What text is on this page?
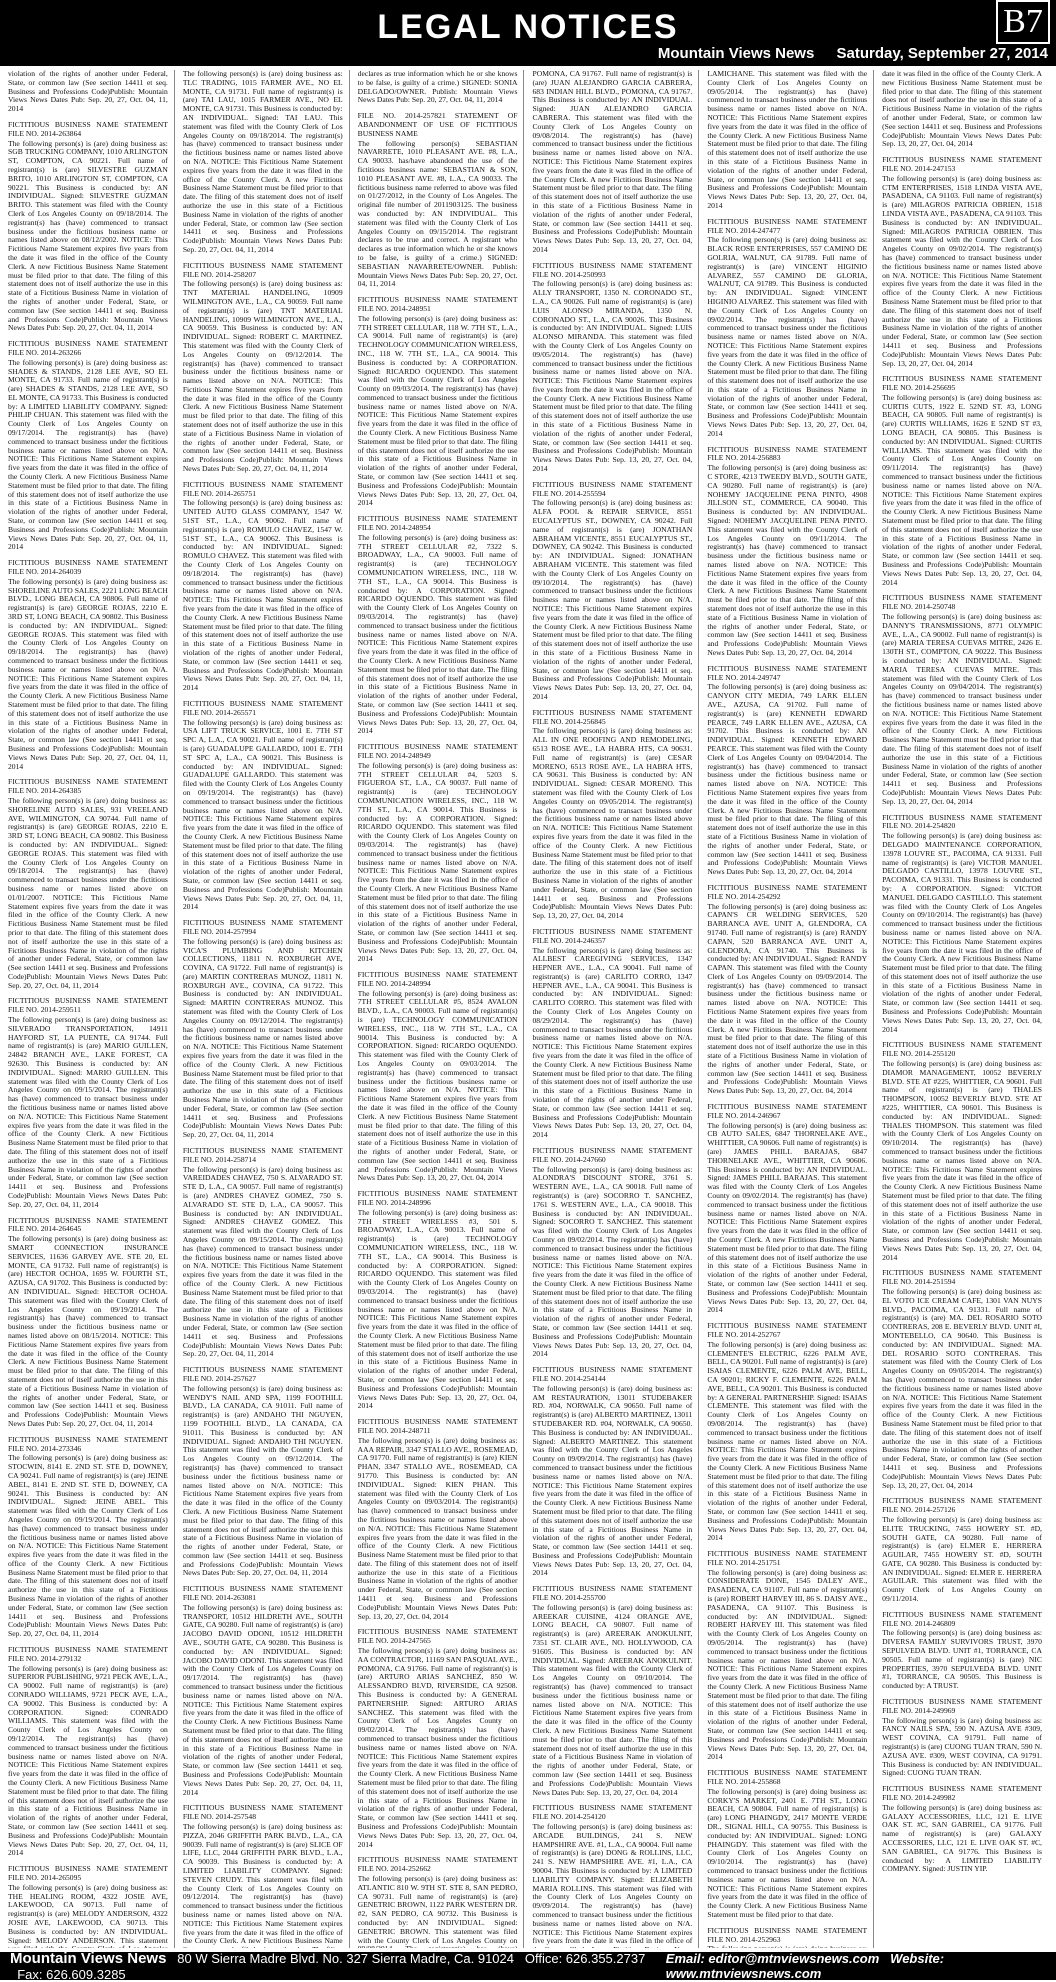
LEGAL NOTICES	B7
Mountain Views News Saturday, September 27, 2014
violation of the rights of another under Federal, State, or common law (See section 14411 et seq. Business and Professions Code)Publish: Mountain Views News Dates Pub: Sep. 20, 27, Oct. 04, 11, 2014
FICTITIOUS BUSINESS NAME STATEMENT FILE NO. 2014-263864
The following person(s) is (are) doing business as: SGB TRUCKING COMPANY, 1010 ARLINGTON ST, COMPTON, CA 90221. Full name of registrant(s) is (are) SILVESTRE GUZMAN BRITO, 1010 ARLINGTON ST, COMPTON, CA 90221. This Business is conducted by: AN INDIVIDUAL. Signed: SILVESTRE GUZMAN BRITO. This statement was filed with the County Clerk of Los Angeles County on 09/18/2014. The registrant(s) has (have) commenced to transact business under the fictitious business name or names listed above on 08/12/2002. NOTICE: This Fictitious Name Statement expires five years from the date it was filed in the office of the County Clerk. A new Fictitious Business Name Statement must be filed prior to that date. The filing of this statement does not of itself authorize the use in this state of a Fictitious Business Name in violation of the rights of another under Federal, State, or common law (See section 14411 et seq. Business and Professions Code)Publish: Mountain Views News Dates Pub: Sep. 20, 27, Oct. 04, 11, 2014
FICTITIOUS BUSINESS NAME STATEMENT FILE NO. 2014-263266
The following person(s) is (are) doing business as: SHADES & STANDS, 2128 LEE AVE, SO EL MONTE, CA 91733. Full name of registrant(s) is (are) SHADES & STANDS, 2128 LEE AVE, SO EL MONTE, CA 91733. This Business is conducted by: A LIMITED LIABILITY COMPANY. Signed: PHILIP CHUAN. This statement was filed with the County Clerk of Los Angeles County on 09/17/2014. The registrant(s) has (have) commenced to transact business under the fictitious business name or names listed above on N/A. NOTICE: This Fictitious Name Statement expires five years from the date it was filed in the office of the County Clerk. A new Fictitious Business Name Statement must be filed prior to that date. The filing of this statement does not of itself authorize the use in this state of a Fictitious Business Name in violation of the rights of another under Federal, State, or common law (See section 14411 et seq. Business and Professions Code)Publish: Mountain Views News Dates Pub: Sep. 20, 27, Oct. 04, 11, 2014
FICTITIOUS BUSINESS NAME STATEMENT FILE NO. 2014-264039
The following person(s) is (are) doing business as: SHORELINE AUTO SALES, 2221 LONG BEACH BLVD., LONG BEACH, CA 90806. Full name of registrant(s) is (are) GEORGE ROJAS, 2210 E. 3RD ST, LONG BEACH, CA 90802. This Business is conducted by: AN INDIVIDUAL. Signed: GEORGE ROJAS. This statement was filed with the County Clerk of Los Angeles County on 09/18/2014. The registrant(s) has (have) commenced to transact business under the fictitious business name or names listed above on N/A. NOTICE: This Fictitious Name Statement expires five years from the date it was filed in the office of the County Clerk. A new Fictitious Business Name Statement must be filed prior to that date. The filing of this statement does not of itself authorize the use in this state of a Fictitious Business Name in violation of the rights of another under Federal, State, or common law (See section 14411 et seq. Business and Professions Code)Publish: Mountain Views News Dates Pub: Sep. 20, 27, Oct. 04, 11, 2014
FICTITIOUS BUSINESS NAME STATEMENT FILE NO. 2014-264385
The following person(s) is (are) doing business as: SHORELINE AUTO SALES, 931 VREELAND AVE, WILMINGTON, CA 90744. Full name of registrant(s) is (are) GEORGE ROJAS, 2210 E. 3RD ST, LONG BEACH, CA 90802. This Business is conducted by: AN INDIVIDUAL. Signed: GEORGE ROJAS. This statement was filed with the County Clerk of Los Angeles County on 09/18/2014. The registrant(s) has (have) commenced to transact business under the fictitious business name or names listed above on 01/01/2007. NOTICE: This Fictitious Name Statement expires five years from the date it was filed in the office of the County Clerk. A new Fictitious Business Name Statement must be filed prior to that date. The filing of this statement does not of itself authorize the use in this state of a Fictitious Business Name in violation of the rights of another under Federal, State, or common law (See section 14411 et seq. Business and Professions Code)Publish: Mountain Views News Dates Pub: Sep. 20, 27, Oct. 04, 11, 2014
FICTITIOUS BUSINESS NAME STATEMENT FILE NO. 2014-259511
The following person(s) is (are) doing business as: SILVERADO TRANSPORTATION, 14911 HAYFORD ST, LA PUENTE, CA 91744. Full name of registrant(s) is (are) MARIO GUILLEN, 24842 BRANCH AVE., LAKE FOREST, CA 92630. This Business is conducted by: AN INDIVIDUAL. Signed: MARIO GUILLEN. This statement was filed with the County Clerk of Los Angeles County on 09/15/2014. The registrant(s) has (have) commenced to transact business under the fictitious business name or names listed above on N/A. NOTICE: This Fictitious Name Statement expires five years from the date it was filed in the office of the County Clerk. A new Fictitious Business Name Statement must be filed prior to that date. The filing of this statement does not of itself authorize the use in this state of a Fictitious Business Name in violation of the rights of another under Federal, State, or common law (See section 14411 et seq. Business and Professions Code)Publish: Mountain Views News Dates Pub: Sep. 20, 27, Oct. 04, 11, 2014
FICTITIOUS BUSINESS NAME STATEMENT FILE NO. 2014-264645
The following person(s) is (are) doing business as: SMART CONNECTION INSURANCE SERVICES, 11636 GARVEY AVE. STE 20, EL MONTE, CA 91732. Full name of registrant(s) is (are) HECTOR OCHOA, 1695 W. FOURTH ST., AZUSA, CA 91702. This Business is conducted by: AN INDIVIDUAL. Signed: HECTOR OCHOA. This statement was filed with the County Clerk of Los Angeles County on 09/19/2014. The registrant(s) has (have) commenced to transact business under the fictitious business name or names listed above on 08/15/2014. NOTICE: This Fictitious Name Statement expires five years from the date it was filed in the office of the County Clerk. A new Fictitious Business Name Statement must be filed prior to that date. The filing of this statement does not of itself authorize the use in this state of a Fictitious Business Name in violation of the rights of another under Federal, State, or common law (See section 14411 et seq. Business and Professions Code)Publish: Mountain Views News Dates Pub: Sep. 20, 27, Oct. 04, 11, 2014
FICTITIOUS BUSINESS NAME STATEMENT FILE NO. 2014-273346
The following person(s) is (are) doing business as: STOCWIN, 8141 E. 2ND ST. STE D, DOWNEY, CA 90241. Full name of registrant(s) is (are) JEINE ABEL, 8141 E. 2ND ST. STE D, DOWNEY, CA 90241. This Business is conducted by: AN INDIVIDUAL. Signed: JEINE ABEL. This statement was filed with the County Clerk of Los Angeles County on 09/19/2014. The registrant(s) has (have) commenced to transact business under the fictitious business name or names listed above on N/A. NOTICE: This Fictitious Name Statement expires five years from the date it was filed in the office of the County Clerk. A new Fictitious Business Name Statement must be filed prior to that date. The filing of this statement does not of itself authorize the use in this state of a Fictitious Business Name in violation of the rights of another under Federal, State, or common law (See section 14411 et seq. Business and Professions Code)Publish: Mountain Views News Dates Pub: Sep. 20, 27, Oct. 04, 11, 2014
FICTITIOUS BUSINESS NAME STATEMENT FILE NO. 2014-279132
The following person(s) is (are) doing business as: SUPERIOR PUBLISHING, 9721 PECK AVE, L.A., CA 90002. Full name of registrant(s) is (are) CONRADO WILLIAMS, 9721 PECK AVE, L.A., CA 90002. This Business is conducted by: A CORPORATION. Signed: CONRADO WILLIAMS. This statement was filed with the County Clerk of Los Angeles County on 09/12/2014. The registrant(s) has (have) commenced to transact business under the fictitious business name or names listed above on N/A. NOTICE: This Fictitious Name Statement expires five years from the date it was filed in the office of the County Clerk. A new Fictitious Business Name Statement must be filed prior to that date. The filing of this statement does not of itself authorize the use in this state of a Fictitious Business Name in violation of the rights of another under Federal, State, or common law (See section 14411 et seq. Business and Professions Code)Publish: Mountain Views News Dates Pub: Sep. 20, 27, Oct. 04, 11, 2014
FICTITIOUS BUSINESS NAME STATEMENT FILE NO. 2014-265095
The following person(s) is (are) doing business as: THE HEALING ROOM, 4322 JOSIE AVE, LAKEWOOD, CA 90713. Full name of registrant(s) is (are) MELODY ANDERSON, 4322 JOSIE AVE, LAKEWOOD, CA 90713. This Business is conducted by: AN INDIVIDUAL. Signed: MELODY ANDERSON. This statement
The following person(s) is (are) doing business as: TLC TRADING, 1015 FARMER AVE., NO EL MONTE, CA 91731. Full name of registrant(s) is (are) TAI LAU, 1015 FARMER AVE., NO EL MONTE, CA 91731. This Business is conducted by: AN INDIVIDUAL. Signed: TAI LAU. This statement was filed with the County Clerk of Los Angeles County on 09/18/2014. The registrant(s) has (have) commenced to transact business under the fictitious business name or names listed above on N/A. NOTICE: This Fictitious Name Statement expires five years from the date it was filed in the office of the County Clerk. A new Fictitious Business Name Statement must be filed prior to that date. The filing of this statement does not of itself authorize the use in this state of a Fictitious Business Name in violation of the rights of another under Federal, State, or common law (See section 14411 et seq. Business and Professions Code)Publish: Mountain Views News Dates Pub: Sep. 20, 27, Oct. 04, 11, 2014
FICTITIOUS BUSINESS NAME STATEMENT FILE NO. 2014-258207
The following person(s) is (are) doing business as: TNT MATERIAL HANDELING, 10909 WILMINGTON AVE., L.A., CA 90059. Full name of registrant(s) is (are) TNT MATERIAL HANDELING, 10909 WILMINGTON AVE., L.A., CA 90059. This Business is conducted by: AN INDIVIDUAL. Signed: ROBERT C. MARTINEZ. This statement was filed with the County Clerk of Los Angeles County on 09/12/2014. The registrant(s) has (have) commenced to transact business under the fictitious business name or names listed above on N/A. NOTICE: This Fictitious Name Statement expires five years from the date it was filed in the office of the County Clerk. A new Fictitious Business Name Statement must be filed prior to that date. The filing of this statement does not of itself authorize the use in this state of a Fictitious Business Name in violation of the rights of another under Federal, State, or common law (See section 14411 et seq. Business and Professions Code)Publish: Mountain Views News Dates Pub: Sep. 20, 27, Oct. 04, 11, 2014
FICTITIOUS BUSINESS NAME STATEMENT FILE NO. 2014-265751
The following person(s) is (are) doing business as: UNITED AUTO GLASS COMPANY, 1547 W. 51ST ST., L.A., CA 90062. Full name of registrant(s) is (are) ROMULO CHAVEZ, 1547 W. 51ST ST., L.A., CA 90062. This Business is conducted by: AN INDIVIDUAL. Signed: ROMULO CHAVEZ. This statement was filed with the County Clerk of Los Angeles County on 09/18/2014. The registrant(s) has (have) commenced to transact business under the fictitious business name or names listed above on N/A. NOTICE: This Fictitious Name Statement expires five years from the date it was filed in the office of the County Clerk. A new Fictitious Business Name Statement must be filed prior to that date. The filing of this statement does not of itself authorize the use in this state of a Fictitious Business Name in violation of the rights of another under Federal, State, or common law (See section 14411 et seq. Business and Professions Code)Publish: Mountain Views News Dates Pub: Sep. 20, 27, Oct. 04, 11, 2014
FICTITIOUS BUSINESS NAME STATEMENT FILE NO. 2014-265571
The following person(s) is (are) doing business as: USA LIFT TRUCK SERVICE, 1001 E. 7TH ST SPC A, L.A., CA 90021. Full name of registrant(s) is (are) GUADALUPE GALLARDO, 1001 E. 7TH ST SPC A, L.A., CA 90021. This Business is conducted by: AN INDIVIDUAL. Signed: GUADALUPE GALLARDO. This statement was filed with the County Clerk of Los Angeles County on 09/19/2014. The registrant(s) has (have) commenced to transact business under the fictitious business name or names listed above on N/A. NOTICE: This Fictitious Name Statement expires five years from the date it was filed in the office of the County Clerk. A new Fictitious Business Name Statement must be filed prior to that date. The filing of this statement does not of itself authorize the use in this state of a Fictitious Business Name in violation of the rights of another under Federal, State, or common law (See section 14411 et seq. Business and Professions Code)Publish: Mountain Views News Dates Pub: Sep. 20, 27, Oct. 04, 11, 2014
FICTITIOUS BUSINESS NAME STATEMENT FILE NO. 2014-257994
The following person(s) is (are) doing business as: VICA'S PLUMBING AND KITCHEN COLLECTIONS, 11811 N. ROXBURGH AVE, COVINA, CA 91722. Full name of registrant(s) is (are) MARTIN CONTRERAS MUNOZ, 11811 N. ROXBURGH AVE., COVINA, CA 91722. This Business is conducted by: AN INDIVIDUAL. Signed: MARTIN CONTRERAS MUNOZ. This statement was filed with the County Clerk of Los Angeles County on 09/12/2014. The registrant(s) has (have) commenced to transact business under the fictitious business name or names listed above on N/A. NOTICE: This Fictitious Name Statement expires five years from the date it was filed in the office of the County Clerk. A new Fictitious Business Name Statement must be filed prior to that date. The filing of this statement does not of itself authorize the use in this state of a Fictitious Business Name in violation of the rights of another under Federal, State, or common law (See section 14411 et seq. Business and Professions Code)Publish: Mountain Views News Dates Pub: Sep. 20, 27, Oct. 04, 11, 2014
FICTITIOUS BUSINESS NAME STATEMENT FILE NO. 2014-258714
The following person(s) is (are) doing business as: VAREIDADES CHAVEZ, 750 S. ALVARADO ST. STE D, L.A., CA 90057. Full name of registrant(s) is (are) ANDRES CHAVEZ GOMEZ, 750 S. ALVARADO ST. STE D, L.A., CA 90057. This Business is conducted by: AN INDIVIDUAL. Signed: ANDRES CHAVEZ GOMEZ. This statement was filed with the County Clerk of Los Angeles County on 09/15/2014. The registrant(s) has (have) commenced to transact business under the fictitious business name or names listed above on N/A. NOTICE: This Fictitious Name Statement expires five years from the date it was filed in the office of the County Clerk. A new Fictitious Business Name Statement must be filed prior to that date. The filing of this statement does not of itself authorize the use in this state of a Fictitious Business Name in violation of the rights of another under Federal, State, or common law (See section 14411 et seq. Business and Professions Code)Publish: Mountain Views News Dates Pub: Sep. 20, 27, Oct. 04, 11, 2014
FICTITIOUS BUSINESS NAME STATEMENT FILE NO. 2014-257627
The following person(s) is (are) doing business as: WENDY'S NAIL AND SPA, 1199 FOOTHILL BLVD., LA CANADA, CA 91011. Full name of registrant(s) is (are) ANDAHO THI NGUYEN, 1199 FOOTHILL BLVD., LA CANADA, CA 91011. This Business is conducted by: AN INDIVIDUAL. Signed: ANDAHO THI NGUYEN. This statement was filed with the County Clerk of Los Angeles County on 09/12/2014. The registrant(s) has (have) commenced to transact business under the fictitious business name or names listed above on N/A. NOTICE: This Fictitious Name Statement expires five years from the date it was filed in the office of the County Clerk. A new Fictitious Business Name Statement must be filed prior to that date. The filing of this statement does not of itself authorize the use in this state of a Fictitious Business Name in violation of the rights of another under Federal, State, or common law (See section 14411 et seq. Business and Professions Code)Publish: Mountain Views News Dates Pub: Sep. 20, 27, Oct. 04, 11, 2014
FICTITIOUS BUSINESS NAME STATEMENT FILE NO. 2014-263081
The following person(s) is (are) doing business as: TRANSPORT, 10512 HILDRETH AVE., SOUTH GATE, CA 90280. Full name of registrant(s) is (are) JACOBO DAVID ODONI, 10512 HILDRETH AVE., SOUTH GATE, CA 90280. This Business is conducted by: AN INDIVIDUAL. Signed: JACOBO DAVID ODONI. This statement was filed with the County Clerk of Los Angeles County on 09/17/2014. The registrant(s) has (have) commenced to transact business under the fictitious business name or names listed above on N/A. NOTICE: This Fictitious Name Statement expires five years from the date it was filed in the office of the County Clerk. A new Fictitious Business Name Statement must be filed prior to that date. The filing of this statement does not of itself authorize the use in this state of a Fictitious Business Name in violation of the rights of another under Federal, State, or common law (See section 14411 et seq. Business and Professions Code)Publish: Mountain Views News Dates Pub: Sep. 20, 27, Oct. 04, 11, 2014
FICTITIOUS BUSINESS NAME STATEMENT FILE NO. 2014-257548
The following person(s) is (are) doing business as: PIZZA, 2046 GRIFFITH PARK BLVD., L.A., CA 90039. Full name of registrant(s) is (are) SLICE OF LIFE, LLC, 2044 GRIFFITH PARK BLVD., L.A., CA 90039. This Business is conducted by: A LIMITED LIABILITY COMPANY. Signed: STEVEN CRUDY. This statement was filed with the County Clerk of Los Angeles County on 09/12/2014. The registrant(s) has (have) commenced to transact business under the fictitious business name or names listed above on N/A. NOTICE: This Fictitious Name Statement expires five years from the date it was filed in the office of the County Clerk. A new Fictitious Business Name
declares as true information which he or she knows to be false, is guilty of a crime.) SIGNED: SONIA DELGADO/OWNER. Publish: Mountain Views News Dates Pub: Sep. 20, 27, Oct. 04, 11, 2014
FILE NO. 2014-257821 STATEMENT OF ABANDONMENT OF USE OF FICTITIOUS BUSINESS NAME
The following person(s) SEBASTIAN NAVARRETE, 1010 PLEASANT AVE. #8, L.A., CA 90033. has/have abandoned the use of the fictitious business name: SEBASTIAN & SON, 1010 PLEASANT AVE. #8, L.A., CA 90033. The fictitious business name referred to above was filed on 01/27/2012, in the County of Los Angeles. The original file number of 2011903125. The business was conducted by: AN INDIVIDUAL. This statement was filed with the County Clerk of Los Angeles County on 09/15/2014. The registrant declares to be true and correct. A registrant who declares as true information which he or she knows to be false, is guilty of a crime.) SIGNED: SEBASTIAN NAVARRETE/OWNER. Publish: Mountain Views News Dates Pub: Sep. 20, 27, Oct. 04, 11, 2014
FICTITIOUS BUSINESS NAME STATEMENT FILE NO. 2014-248951
The following person(s) is (are) doing business as: 7TH STREET CELLULAR, 118 W. 7TH ST., L.A., CA 90014. Full name of registrant(s) is (are) TECHNOLOGY COMMUNICATION WIRELESS, INC., 118 W. 7TH ST., L.A., CA 90014. This Business is conducted by: A CORPORATION. Signed: RICARDO OQUENDO. This statement was filed with the County Clerk of Los Angeles County on 09/03/2014. The registrant(s) has (have) commenced to transact business under the fictitious business name or names listed above on N/A. NOTICE: This Fictitious Name Statement expires five years from the date it was filed in the office of the County Clerk. A new Fictitious Business Name Statement must be filed prior to that date. The filing of this statement does not of itself authorize the use in this state of a Fictitious Business Name in violation of the rights of another under Federal, State, or common law (See section 14411 et seq. Business and Professions Code)Publish: Mountain Views News Dates Pub: Sep. 13, 20, 27, Oct. 04, 2014
FICTITIOUS BUSINESS NAME STATEMENT FILE NO. 2014-248954
The following person(s) is (are) doing business as: 7TH STREET CELLULAR #2, 7322 S. BROADWAY, L.A., CA 90003. Full name of registrant(s) is (are) TECHNOLOGY COMMUNICATION WIRELESS, INC., 118 W. 7TH ST., L.A., CA 90014. This Business is conducted by: A CORPORATION. Signed: RICARDO OQUENDO. This statement was filed with the County Clerk of Los Angeles County on 09/03/2014. The registrant(s) has (have) commenced to transact business under the fictitious business name or names listed above on N/A. NOTICE: This Fictitious Name Statement expires five years from the date it was filed in the office of the County Clerk. A new Fictitious Business Name Statement must be filed prior to that date. The filing of this statement does not of itself authorize the use in this state of a Fictitious Business Name in violation of the rights of another under Federal, State, or common law (See section 14411 et seq. Business and Professions Code)Publish: Mountain Views News Dates Pub: Sep. 13, 20, 27, Oct. 04, 2014
FICTITIOUS BUSINESS NAME STATEMENT FILE NO. 2014-248949
The following person(s) is (are) doing business as: 7TH STREET CELLULAR #4, 5203 S. FIGUEROA ST., L.A., CA 90037. Full name of registrant(s) is (are) TECHNOLOGY COMMUNICATION WIRELESS, INC., 118 W. 7TH ST., L.A., CA 90014. This Business is conducted by: A CORPORATION. Signed: RICARDO OQUENDO. This statement was filed with the County Clerk of Los Angeles County on 09/03/2014. The registrant(s) has (have) commenced to transact business under the fictitious business name or names listed above on N/A. NOTICE: This Fictitious Name Statement expires five years from the date it was filed in the office of the County Clerk. A new Fictitious Business Name Statement must be filed prior to that date. The filing of this statement does not of itself authorize the use in this state of a Fictitious Business Name in violation of the rights of another under Federal, State, or common law (See section 14411 et seq. Business and Professions Code)Publish: Mountain Views News Dates Pub: Sep. 13, 20, 27, Oct. 04, 2014
FICTITIOUS BUSINESS NAME STATEMENT FILE NO. 2014-248994
The following person(s) is (are) doing business as: 7TH STREET CELLULAR #5, 8524 AVALON BLVD., L.A., CA 90003. Full name of registrant(s) is (are) TECHNOLOGY COMMUNICATION WIRELESS, INC., 118 W. 7TH ST., L.A., CA 90014. This Business is conducted by: A CORPORATION. Signed: RICARDO OQUENDO. This statement was filed with the County Clerk of Los Angeles County on 09/03/2014. The registrant(s) has (have) commenced to transact business under the fictitious business name or names listed above on N/A. NOTICE: This Fictitious Name Statement expires five years from the date it was filed in the office of the County Clerk. A new Fictitious Business Name Statement must be filed prior to that date. The filing of this statement does not of itself authorize the use in this state of a Fictitious Business Name in violation of the rights of another under Federal, State, or common law (See section 14411 et seq. Business and Professions Code)Publish: Mountain Views News Dates Pub: Sep. 13, 20, 27, Oct. 04, 2014
FICTITIOUS BUSINESS NAME STATEMENT FILE NO. 2014-248996
The following person(s) is (are) doing business as: 7TH STREET WIRELESS #3, 501 S. BROADWAY, L.A., CA 90013. Full name of registrant(s) is (are) TECHNOLOGY COMMUNICATION WIRELESS, INC., 118 W. 7TH ST., L.A., CA 90014. This Business is conducted by: A CORPORATION. Signed: RICARDO OQUENDO. This statement was filed with the County Clerk of Los Angeles County on 09/03/2014. The registrant(s) has (have) commenced to transact business under the fictitious business name or names listed above on N/A. NOTICE: This Fictitious Name Statement expires five years from the date it was filed in the office of the County Clerk. A new Fictitious Business Name Statement must be filed prior to that date. The filing of this statement does not of itself authorize the use in this state of a Fictitious Business Name in violation of the rights of another under Federal, State, or common law (See section 14411 et seq. Business and Professions Code)Publish: Mountain Views News Dates Pub: Sep. 13, 20, 27, Oct. 04, 2014
FICTITIOUS BUSINESS NAME STATEMENT FILE NO. 2014-248711
The following person(s) is (are) doing business as: AAA REPAIR, 3347 STALLO AVE., ROSEMEAD, CA 91770. Full name of registrant(s) is (are) KIEN PHAN, 3347 STALLO AVE., ROSEMEAD, CA 91770. This Business is conducted by: AN INDIVIDUAL. Signed: KIEN PHAN. This statement was filed with the County Clerk of Los Angeles County on 09/03/2014. The registrant(s) has (have) commenced to transact business under the fictitious business name or names listed above on N/A. NOTICE: This Fictitious Name Statement expires five years from the date it was filed in the office of the County Clerk. A new Fictitious Business Name Statement must be filed prior to that date. The filing of this statement does not of itself authorize the use in this state of a Fictitious Business Name in violation of the rights of another under Federal, State, or common law (See section 14411 et seq. Business and Professions Code)Publish: Mountain Views News Dates Pub: Sep. 13, 20, 27, Oct. 04, 2014
FICTITIOUS BUSINESS NAME STATEMENT FILE NO. 2014-247565
The following person(s) is (are) doing business as: AA CONTRACTOR, 11169 SAN PASQUAL AVE., POMONA, CA 91766. Full name of registrant(s) is (are) ARTURO ARIAS SANCHEZ, 850 W. ALESSANDRO BLVD, RIVERSIDE, CA 92508. This Business is conducted by: A GENERAL PARTNERSHIP. Signed: ARTURO ARIAS SANCHEZ. This statement was filed with the County Clerk of Los Angeles County on 09/02/2014. The registrant(s) has (have) commenced to transact business under the fictitious business name or names listed above on N/A. NOTICE: This Fictitious Name Statement expires five years from the date it was filed in the office of the County Clerk. A new Fictitious Business Name Statement must be filed prior to that date. The filing of this statement does not of itself authorize the use in this state of a Fictitious Business Name in violation of the rights of another under Federal, State, or common law (See section 14411 et seq. Business and Professions Code)Publish: Mountain Views News Dates Pub: Sep. 13, 20, 27, Oct. 04, 2014
FICTITIOUS BUSINESS NAME STATEMENT FILE NO. 2014-252662
The following person(s) is (are) doing business as: ATLANTIC 810 W. 9TH ST. STE 8, SAN PEDRO, CA 90731. Full name of registrant(s) is (are) GENETRIC BROWN, 1122 PARK WESTERN DR. #2, SAN PEDRO, CA 90732. This Business is conducted by: AN INDIVIDUAL. Signed: GENETRIC BROWN. This statement was filed with the County Clerk of Los Angeles County on
POMONA, CA 91767. Full name of registrant(s) is (are) JUAN ALEJANDRO GARCIA CABRERA, 683 INDIAN HILL BLVD., POMONA, CA 91767. This Business is conducted by: AN INDIVIDUAL. Signed: JUAN ALEJANDRO GARCIA CABRERA. This statement was filed with the County Clerk of Los Angeles County on 09/08/2014. The registrant(s) has (have) commenced to transact business under the fictitious business name or names listed above on N/A. NOTICE: This Fictitious Name Statement expires five years from the date it was filed in the office of the County Clerk. A new Fictitious Business Name Statement must be filed prior to that date. The filing of this statement does not of itself authorize the use in this state of a Fictitious Business Name in violation of the rights of another under Federal, State, or common law (See section 14411 et seq. Business and Professions Code)Publish: Mountain Views News Dates Pub: Sep. 13, 20, 27, Oct. 04, 2014
FICTITIOUS BUSINESS NAME STATEMENT FILE NO. 2014-250993
The following person(s) is (are) doing business as: ALLY TRANSPORT, 1350 N. CORONADO ST., L.A., CA 90026. Full name of registrant(s) is (are) LUIS ALONSO MIRANDA, 1350 N. CORONADO ST., L.A., CA 90026. This Business is conducted by: AN INDIVIDUAL. Signed: LUIS ALONSO MIRANDA. This statement was filed with the County Clerk of Los Angeles County on 09/05/2014. The registrant(s) has (have) commenced to transact business under the fictitious business name or names listed above on N/A. NOTICE: This Fictitious Name Statement expires five years from the date it was filed in the office of the County Clerk. A new Fictitious Business Name Statement must be filed prior to that date. The filing of this statement does not of itself authorize the use in this state of a Fictitious Business Name in violation of the rights of another under Federal, State, or common law (See section 14411 et seq. Business and Professions Code)Publish: Mountain Views News Dates Pub: Sep. 13, 20, 27, Oct. 04, 2014
FICTITIOUS BUSINESS NAME STATEMENT FILE NO. 2014-255594
The following person(s) is (are) doing business as: ALFA POOL & REPAIR SERVICE, 8551 EUCALYPTUS ST., DOWNEY, CA 90242. Full name of registrant(s) is (are) JONATHAN ABRAHAM VICENTE, 8551 EUCALYPTUS ST., DOWNEY, CA 90242. This Business is conducted by: AN INDIVIDUAL. Signed: JONATHAN ABRAHAM VICENTE. This statement was filed with the County Clerk of Los Angeles County on 09/10/2014. The registrant(s) has (have) commenced to transact business under the fictitious business name or names listed above on N/A. NOTICE: This Fictitious Name Statement expires five years from the date it was filed in the office of the County Clerk. A new Fictitious Business Name Statement must be filed prior to that date. The filing of this statement does not of itself authorize the use in this state of a Fictitious Business Name in violation of the rights of another under Federal, State, or common law (See section 14411 et seq. Business and Professions Code)Publish: Mountain Views News Dates Pub: Sep. 13, 20, 27, Oct. 04, 2014
FICTITIOUS BUSINESS NAME STATEMENT FILE NO. 2014-256845
The following person(s) is (are) doing business as: ALL IN ONE ROOFING AND REMODELING, 6513 ROSE AVE., LA HABRA HTS, CA 90631. Full name of registrant(s) is (are) CESAR MORENO, 6513 ROSE AVE., LA HABRA HTS, CA 90631. This Business is conducted by: AN INDIVIDUAL. Signed: CESAR MORENO. This statement was filed with the County Clerk of Los Angeles County on 09/05/2014. The registrant(s) has (have) commenced to transact business under the fictitious business name or names listed above on N/A. NOTICE: This Fictitious Name Statement expires five years from the date it was filed in the office of the County Clerk. A new Fictitious Business Name Statement must be filed prior to that date. The filing of this statement does not of itself authorize the use in this state of a Fictitious Business Name in violation of the rights of another under Federal, State, or common law (See section 14411 et seq. Business and Professions Code)Publish: Mountain Views News Dates Pub: Sep. 13, 20, 27, Oct. 04, 2014
FICTITIOUS BUSINESS NAME STATEMENT FILE NO. 2014-246357
The following person(s) is (are) doing business as: ALLBEST CAREGIVING SERVICES, 1347 HEPNER AVE., L.A., CA 90041. Full name of registrant(s) is (are) CARLITO CORRO, 1347 HEPNER AVE., L.A., CA 90041. This Business is conducted by: AN INDIVIDUAL. Signed: CARLITO CORRO. This statement was filed with the County Clerk of Los Angeles County on 08/29/2014. The registrant(s) has (have) commenced to transact business under the fictitious business name or names listed above on N/A. NOTICE: This Fictitious Name Statement expires five years from the date it was filed in the office of the County Clerk. A new Fictitious Business Name Statement must be filed prior to that date. The filing of this statement does not of itself authorize the use in this state of a Fictitious Business Name in violation of the rights of another under Federal, State, or common law (See section 14411 et seq. Business and Professions Code)Publish: Mountain Views News Dates Pub: Sep. 13, 20, 27, Oct. 04, 2014
FICTITIOUS BUSINESS NAME STATEMENT FILE NO. 2014-247660
The following person(s) is (are) doing business as: ALONDRA'S DISCOUNT STORE, 3761 S. WESTERN AVE., L.A., CA 90018. Full name of registrant(s) is (are) SOCORRO T. SANCHEZ, 1761 S. WESTERN AVE., L.A., CA 90018. This Business is conducted by: AN INDIVIDUAL. Signed: SOCORRO T. SANCHEZ. This statement was filed with the County Clerk of Los Angeles County on 09/02/2014. The registrant(s) has (have) commenced to transact business under the fictitious business name or names listed above on N/A. NOTICE: This Fictitious Name Statement expires five years from the date it was filed in the office of the County Clerk. A new Fictitious Business Name Statement must be filed prior to that date. The filing of this statement does not of itself authorize the use in this state of a Fictitious Business Name in violation of the rights of another under Federal, State, or common law (See section 14411 et seq. Business and Professions Code)Publish: Mountain Views News Dates Pub: Sep. 13, 20, 27, Oct. 04, 2014
FICTITIOUS BUSINESS NAME STATEMENT FILE NO. 2014-254144
The following person(s) is (are) doing business as: AM RESTAURATION, 13011 STUDEBAKER RD. #04, NORWALK, CA 90650. Full name of registrant(s) is (are) ALBERTO MARTINEZ, 13011 STUDEBAKER RD. #04, NORWALK, CA 90650. This Business is conducted by: AN INDIVIDUAL. Signed: ALBERTO MARTINEZ. This statement was filed with the County Clerk of Los Angeles County on 09/09/2014. The registrant(s) has (have) commenced to transact business under the fictitious business name or names listed above on N/A. NOTICE: This Fictitious Name Statement expires five years from the date it was filed in the office of the County Clerk. A new Fictitious Business Name Statement must be filed prior to that date. The filing of this statement does not of itself authorize the use in this state of a Fictitious Business Name in violation of the rights of another under Federal, State, or common law (See section 14411 et seq. Business and Professions Code)Publish: Mountain Views News Dates Pub: Sep. 13, 20, 27, Oct. 04, 2014
FICTITIOUS BUSINESS NAME STATEMENT FILE NO. 2014-255700
The following person(s) is (are) doing business as: AREEKAR CUISINE, 4124 ORANGE AVE, LONG BEACH, CA 90807. Full name of registrant(s) is (are) AREERAK ANOKULNIT, 7351 ST. CLAIR AVE., NO. HOLLYWOOD, CA 91605. This Business is conducted by: AN INDIVIDUAL. Signed: AREERAK ANOKULNIT. This statement was filed with the County Clerk of Los Angeles County on 09/10/2014. The registrant(s) has (have) commenced to transact business under the fictitious business name or names listed above on N/A. NOTICE: This Fictitious Name Statement expires five years from the date it was filed in the office of the County Clerk. A new Fictitious Business Name Statement must be filed prior to that date. The filing of this statement does not of itself authorize the use in this state of a Fictitious Business Name in violation of the rights of another under Federal, State, or common law (See section 14411 et seq. Business and Professions Code)Publish: Mountain Views News Dates Pub: Sep. 13, 20, 27, Oct. 04, 2014
FICTITIOUS BUSINESS NAME STATEMENT FILE NO. 2014-254120
The following person(s) is (are) doing business as: ARCADE BUILDINGS, 241 S. NEW HAMPSHIRE AVE. #1, L.A., CA 90004. Full name of registrant(s) is (are) DONG & ROLLINS, LLC, 241 S. NEW HAMPSHIRE AVE. #1, L.A., CA 90004. This Business is conducted by: A LIMITED LIABILITY COMPANY. Signed: ELIZABETH MARIA ROLLINS. This statement was filed with the County Clerk of Los Angeles County on 09/09/2014. The registrant(s) has (have) commenced to transact business under the fictitious business name or names listed above on N/A. NOTICE: This Fictitious Name Statement expires five years from the date it was filed in the office of
LAMICHANE. This statement was filed with the County Clerk of Los Angeles County on 09/05/2014. The registrant(s) has (have) commenced to transact business under the fictitious business name or names listed above on N/A. NOTICE: This Fictitious Name Statement expires five years from the date it was filed in the office of the County Clerk. A new Fictitious Business Name Statement must be filed prior to that date. The filing of this statement does not of itself authorize the use in this state of a Fictitious Business Name in violation of the rights of another under Federal, State, or common law (See section 14411 et seq. Business and Professions Code)Publish: Mountain Views News Dates Pub: Sep. 13, 20, 27, Oct. 04, 2014
FICTITIOUS BUSINESS NAME STATEMENT FILE NO. 2014-247477
The following person(s) is (are) doing business as: BLACK ROSE ENTERPRISES, 557 CAMINO DE GOLRIA, WALNUT, CA 91789. Full name of registrant(s) is (are) VINCENT HIGINIO ALVAREZ, 557 CAMINO DE GLORIA, WALNUT, CA 91789. This Business is conducted by: AN INDIVIDUAL. Signed: VINCENT HIGINIO ALVAREZ. This statement was filed with the County Clerk of Los Angeles County on 09/02/2014. The registrant(s) has (have) commenced to transact business under the fictitious business name or names listed above on N/A. NOTICE: This Fictitious Name Statement expires five years from the date it was filed in the office of the County Clerk. A new Fictitious Business Name Statement must be filed prior to that date. The filing of this statement does not of itself authorize the use in this state of a Fictitious Business Name in violation of the rights of another under Federal, State, or common law (See section 14411 et seq. Business and Professions Code)Publish: Mountain Views News Dates Pub: Sep. 13, 20, 27, Oct. 04, 2014
FICTITIOUS BUSINESS NAME STATEMENT FILE NO. 2014-256883
The following person(s) is (are) doing business as: C STORE, 4213 TWEEDY BLVD., SOUTH GATE, CA 90280. Full name of registrant(s) is (are) NOHEMY JACQUELINE PENA PINTO, 4908 JILLSON ST., COMMERCE, CA 90040. This Business is conducted by: AN INDIVIDUAL. Signed: NOHEMY JACQUELINE PENA PINTO. This statement was filed with the County Clerk of Los Angeles County on 09/11/2014. The registrant(s) has (have) commenced to transact business under the fictitious business name or names listed above on N/A. NOTICE: This Fictitious Name Statement expires five years from the date it was filed in the office of the County Clerk. A new Fictitious Business Name Statement must be filed prior to that date. The filing of this statement does not of itself authorize the use in this state of a Fictitious Business Name in violation of the rights of another under Federal, State, or common law (See section 14411 et seq. Business and Professions Code)Publish: Mountain Views News Dates Pub: Sep. 13, 20, 27, Oct. 04, 2014
FICTITIOUS BUSINESS NAME STATEMENT FILE NO. 2014-249747
The following person(s) is (are) doing business as: CANYON CITY MEDIA, 749 LARK ELLEN AVE., AZUSA, CA 91702. Full name of registrant(s) is (are) KENNETH EDWARD PEARCE, 749 LARK ELLEN AVE., AZUSA, CA 91702. This Business is conducted by: AN INDIVIDUAL. Signed: KENNETH EDWARD PEARCE. This statement was filed with the County Clerk of Los Angeles County on 09/04/2014. The registrant(s) has (have) commenced to transact business under the fictitious business name or names listed above on N/A. NOTICE: This Fictitious Name Statement expires five years from the date it was filed in the office of the County Clerk. A new Fictitious Business Name Statement must be filed prior to that date. The filing of this statement does not of itself authorize the use in this state of a Fictitious Business Name in violation of the rights of another under Federal, State, or common law (See section 14411 et seq. Business and Professions Code)Publish: Mountain Views News Dates Pub: Sep. 13, 20, 27, Oct. 04, 2014
FICTITIOUS BUSINESS NAME STATEMENT FILE NO. 2014-254292
The following person(s) is (are) doing business as: CAPAN'S CR WELDING SERVICES, 520 BARRANCA AVE. UNIT A, GLENDORA, CA 91740. Full name of registrant(s) is (are) RANDY CAPAN, 520 BARRANCA AVE. UNIT A, GLENDORA, CA 91740. This Business is conducted by: AN INDIVIDUAL. Signed: RANDY CAPAN. This statement was filed with the County Clerk of Los Angeles County on 09/09/2014. The registrant(s) has (have) commenced to transact business under the fictitious business name or names listed above on N/A. NOTICE: This Fictitious Name Statement expires five years from the date it was filed in the office of the County Clerk. A new Fictitious Business Name Statement must be filed prior to that date. The filing of this statement does not of itself authorize the use in this state of a Fictitious Business Name in violation of the rights of another under Federal, State, or common law (See section 14411 et seq. Business and Professions Code)Publish: Mountain Views News Dates Pub: Sep. 13, 20, 27, Oct. 04, 2014
FICTITIOUS BUSINESS NAME STATEMENT FILE NO. 2014-246967
The following person(s) is (are) doing business as: CB AUTO SALES, 6847 THORNELAKE AVE., WHITTIER, CA 90606. Full name of registrant(s) is (are) JAMES PHILL BARAJAS, 6847 THORNELAKE AVE., WHITTIER, CA 90606. This Business is conducted by: AN INDIVIDUAL. Signed: JAMES PHILL BARAJAS. This statement was filed with the County Clerk of Los Angeles County on 09/02/2014. The registrant(s) has (have) commenced to transact business under the fictitious business name or names listed above on N/A. NOTICE: This Fictitious Name Statement expires five years from the date it was filed in the office of the County Clerk. A new Fictitious Business Name Statement must be filed prior to that date. The filing of this statement does not of itself authorize the use in this state of a Fictitious Business Name in violation of the rights of another under Federal, State, or common law (See section 14411 et seq. Business and Professions Code)Publish: Mountain Views News Dates Pub: Sep. 13, 20, 27, Oct. 04, 2014
FICTITIOUS BUSINESS NAME STATEMENT FILE NO. 2014-252767
The following person(s) is (are) doing business as: CLEMENTE'S ELECTRIC, 6226 PALM AVE, BELL, CA 90201. Full name of registrant(s) is (are) ISAIAS CLEMENTE, 6226 PALM AVE, BELL, CA 90201; RICKY F. CLEMENTE, 6226 PALM AVE, BELL, CA 90201. This Business is conducted by: A GENERAL PARTNERSHIP. Signed: ISAIAS CLEMENTE. This statement was filed with the County Clerk of Los Angeles County on 09/08/2014. The registrant(s) has (have) commenced to transact business under the fictitious business name or names listed above on N/A. NOTICE: This Fictitious Name Statement expires five years from the date it was filed in the office of the County Clerk. A new Fictitious Business Name Statement must be filed prior to that date. The filing of this statement does not of itself authorize the use in this state of a Fictitious Business Name in violation of the rights of another under Federal, State, or common law (See section 14411 et seq. Business and Professions Code)Publish: Mountain Views News Dates Pub: Sep. 13, 20, 27, Oct. 04, 2014
FICTITIOUS BUSINESS NAME STATEMENT FILE NO. 2014-251751
The following person(s) is (are) doing business as: CONSIDERATE DONE, 1545 DALEY AVE., PASADENA, CA 91107. Full name of registrant(s) is (are) ROBERT HARVEY III, 86 S. DAISY AVE., PASADENA, CA 91107. This Business is conducted by: AN INDIVIDUAL. Signed: ROBERT HARVEY III. This statement was filed with the County Clerk of Los Angeles County on 09/05/2014. The registrant(s) has (have) commenced to transact business under the fictitious business name or names listed above on N/A. NOTICE: This Fictitious Name Statement expires five years from the date it was filed in the office of the County Clerk. A new Fictitious Business Name Statement must be filed prior to that date. The filing of this statement does not of itself authorize the use in this state of a Fictitious Business Name in violation of the rights of another under Federal, State, or common law (See section 14411 et seq. Business and Professions Code)Publish: Mountain Views News Dates Pub: Sep. 13, 20, 27, Oct. 04, 2014
FICTITIOUS BUSINESS NAME STATEMENT FILE NO. 2014-255868
The following person(s) is (are) doing business as: CORKY'S MARKET, 2401 E. 7TH ST., LONG BEACH, CA 90804. Full name of registrant(s) is (are) LONG PHAINGDY, 2417 MONTE VERDE DR., SIGNAL HILL, CA 90755. This Business is conducted by: AN INDIVIDUAL. Signed: LONG PHAINGDY. This statement was filed with the County Clerk of Los Angeles County on 09/10/2014. The registrant(s) has (have) commenced to transact business under the fictitious business name or names listed above on N/A. NOTICE: This Fictitious Name Statement expires five years from the date it was filed in the office of the County Clerk. A new Fictitious Business Name Statement must be filed prior to that date.
FICTITIOUS BUSINESS NAME STATEMENT FILE NO. 2014-252963
date it was filed in the office of the County Clerk. A new Fictitious Business Name Statement must be filed prior to that date. The filing of this statement does not of itself authorize the use in this state of a Fictitious Business Name in violation of the rights of another under Federal, State, or common law (See section 14411 et seq. Business and Professions Code)Publish: Mountain Views News Dates Pub: Sep. 13, 20, 27, Oct. 04, 2014
FICTITIOUS BUSINESS NAME STATEMENT FILE NO. 2014-247153
The following person(s) is (are) doing business as: CTM ENTERPRISES, 1518 LINDA VISTA AVE, PASADENA, CA 91103. Full name of registrant(s) is (are) MILAGROS PATRICIA OBRIEN, 1518 LINDA VISTA AVE., PASADENA, CA 91103. This Business is conducted by: AN INDIVIDUAL. Signed: MILAGROS PATRICIA OBRIEN. This statement was filed with the County Clerk of Los Angeles County on 09/02/2014. The registrant(s) has (have) commenced to transact business under the fictitious business name or names listed above on N/A. NOTICE: This Fictitious Name Statement expires five years from the date it was filed in the office of the County Clerk. A new Fictitious Business Name Statement must be filed prior to that date. The filing of this statement does not of itself authorize the use in this state of a Fictitious Business Name in violation of the rights of another under Federal, State, or common law (See section 14411 et seq. Business and Professions Code)Publish: Mountain Views News Dates Pub: Sep. 13, 20, 27, Oct. 04, 2014
FICTITIOUS BUSINESS NAME STATEMENT FILE NO. 2014-256695
The following person(s) is (are) doing business as: CURTIS CUTS, 1922 E. 52ND ST. #3, LONG BEACH, CA 90805. Full name of registrant(s) is (are) CURTIS WILLIAMS, 1626 E 52ND ST #3, LONG BEACH, CA 90805. This Business is conducted by: AN INDIVIDUAL. Signed: CURTIS WILLIAMS. This statement was filed with the County Clerk of Los Angeles County on 09/11/2014. The registrant(s) has (have) commenced to transact business under the fictitious business name or names listed above on N/A. NOTICE: This Fictitious Name Statement expires five years from the date it was filed in the office of the County Clerk. A new Fictitious Business Name Statement must be filed prior to that date. The filing of this statement does not of itself authorize the use in this state of a Fictitious Business Name in violation of the rights of another under Federal, State, or common law (See section 14411 et seq. Business and Professions Code)Publish: Mountain Views News Dates Pub: Sep. 13, 20, 27, Oct. 04, 2014
FICTITIOUS BUSINESS NAME STATEMENT FILE NO. 2014-250748
The following person(s) is (are) doing business as: DANNY'S TRANSMISSIONS, 8771 OLYMPIC AVE., L.A., CA 90002. Full name of registrant(s) is (are) MARIA TERESA CUEVAS MITRE, 2426 E. 130TH ST., COMPTON, CA 90222. This Business is conducted by: AN INDIVIDUAL. Signed: MARIA TERESA CUEVAS MITRE. This statement was filed with the County Clerk of Los Angeles County on 09/04/2014. The registrant(s) has (have) commenced to transact business under the fictitious business name or names listed above on N/A. NOTICE: This Fictitious Name Statement expires five years from the date it was filed in the office of the County Clerk. A new Fictitious Business Name Statement must be filed prior to that date. The filing of this statement does not of itself authorize the use in this state of a Fictitious Business Name in violation of the rights of another under Federal, State, or common law (See section 14411 et seq. Business and Professions Code)Publish: Mountain Views News Dates Pub: Sep. 13, 20, 27, Oct. 04, 2014
FICTITIOUS BUSINESS NAME STATEMENT FILE NO. 2014-254820
The following person(s) is (are) doing business as: DELGADO MAINTENANCE CORPORATION, 13978 LOUVRE ST., PACOIMA, CA 91331. Full name of registrant(s) is (are) VICTOR MANUEL DELGADO CASTILLO, 13978 LOUVRE ST., PACOIMA, CA 91331. This Business is conducted by: A CORPORATION. Signed: VICTOR MANUEL DELGADO CASTILLO. This statement was filed with the County Clerk of Los Angeles County on 09/10/2014. The registrant(s) has (have) commenced to transact business under the fictitious business name or names listed above on N/A. NOTICE: This Fictitious Name Statement expires five years from the date it was filed in the office of the County Clerk. A new Fictitious Business Name Statement must be filed prior to that date. The filing of this statement does not of itself authorize the use in this state of a Fictitious Business Name in violation of the rights of another under Federal, State, or common law (See section 14411 et seq. Business and Professions Code)Publish: Mountain Views News Dates Pub: Sep. 13, 20, 27, Oct. 04, 2014
FICTITIOUS BUSINESS NAME STATEMENT FILE NO. 2014-255120
The following person(s) is (are) doing business as: DIAMOR MANAGEMENT, 10052 BEVERLY BLVD. STE AT #225, WHITTIER, CA 90601. Full name of registrant(s) is (are) THALES THOMPSON, 10052 BEVERLY BLVD. STE AT #225, WHITTIER, CA 90601. This Business is conducted by: AN INDIVIDUAL. Signed: THALES THOMPSON. This statement was filed with the County Clerk of Los Angeles County on 09/10/2014. The registrant(s) has (have) commenced to transact business under the fictitious business name or names listed above on N/A. NOTICE: This Fictitious Name Statement expires five years from the date it was filed in the office of the County Clerk. A new Fictitious Business Name Statement must be filed prior to that date. The filing of this statement does not of itself authorize the use in this state of a Fictitious Business Name in violation of the rights of another under Federal, State, or common law (See section 14411 et seq. Business and Professions Code)Publish: Mountain Views News Dates Pub: Sep. 13, 20, 27, Oct. 04, 2014
FICTITIOUS BUSINESS NAME STATEMENT FILE NO. 2014-251594
The following person(s) is (are) doing business as: EL VOTO ICE CREAM CAFE, 1301 VAN NUYS BLVD., PACOIMA, CA 91331. Full name of registrant(s) is (are) MA. DEL ROSARIO SOTO CONTRERAS, 208 E. BEVERLY BLVD. UNIT #I, MONTEBELLO, CA 90640. This Business is conducted by: AN INDIVIDUAL. Signed: MA. DEL ROSARIO SOTO CONTRERAS. This statement was filed with the County Clerk of Los Angeles County on 09/05/2014. The registrant(s) has (have) commenced to transact business under the fictitious business name or names listed above on N/A. NOTICE: This Fictitious Name Statement expires five years from the date it was filed in the office of the County Clerk. A new Fictitious Business Name Statement must be filed prior to that date. The filing of this statement does not of itself authorize the use in this state of a Fictitious Business Name in violation of the rights of another under Federal, State, or common law (See section 14411 et seq. Business and Professions Code)Publish: Mountain Views News Dates Pub: Sep. 13, 20, 27, Oct. 04, 2014
FICTITIOUS BUSINESS NAME STATEMENT FILE NO. 2014-257126
The following person(s) is (are) doing business as: ELITE TRUCKING, 7455 HOWERY ST. #D, SOUTH GATE, CA 90280. Full name of registrant(s) is (are) ELMER E. HERRERA AGUILAR, 7455 HOWERY ST. #D, SOUTH GATE, CA 90280. This Business is conducted by: AN INDIVIDUAL. Signed: ELMER E. HERRERA AGUILAR. This statement was filed with the County Clerk of Los Angeles County on 09/11/2014.
FICTITIOUS BUSINESS NAME STATEMENT FILE NO. 2014-246809
The following person(s) is (are) doing business as: DIVERSA FAMILY SURVIVORS TRUST, 3970 SEPULVEDA BLVD. UNIT #1, TORRANCE, CA 90505. Full name of registrant(s) is (are) NIC PROPERTIES, 3970 SEPULVEDA BLVD. UNIT #1, TORRANCE, CA 90505. This Business is conducted by: A TRUST.
FICTITIOUS BUSINESS NAME STATEMENT FILE NO. 2014-249969
The following person(s) is (are) doing business as: FANCY NAILS SPA, 590 N. AZUSA AVE #309, WEST COVINA, CA 91791. Full name of registrant(s) is (are) CUONG TUAN TRAN, 590 N. AZUSA AVE. #309, WEST COVINA, CA 91791. This Business is conducted by: AN INDIVIDUAL. Signed: CUONG TUAN TRAN.
FICTITIOUS BUSINESS NAME STATEMENT FILE NO. 2014-249982
The following person(s) is (are) doing business as: GALAXY ACCESSORIES, LLC, 121 E. LIVE OAK ST. #C, SAN GABRIEL, CA 91776. Full name of registrant(s) is (are) GALAXY ACCESSORIES, LLC, 121 E. LIVE OAK ST. #C, SAN GABRIEL, CA 91776. This Business is conducted by: A LIMITED LIABILITY COMPANY. Signed: JUSTIN YIP.
Mountain Views News 80 W Sierra Madre Blvd. No. 327 Sierra Madre, Ca. 91024 Office: 626.355.2737   Fax: 626.609.3285
Email: editor@mtnviewsnews.com Website: www.mtnviewsnews.com
